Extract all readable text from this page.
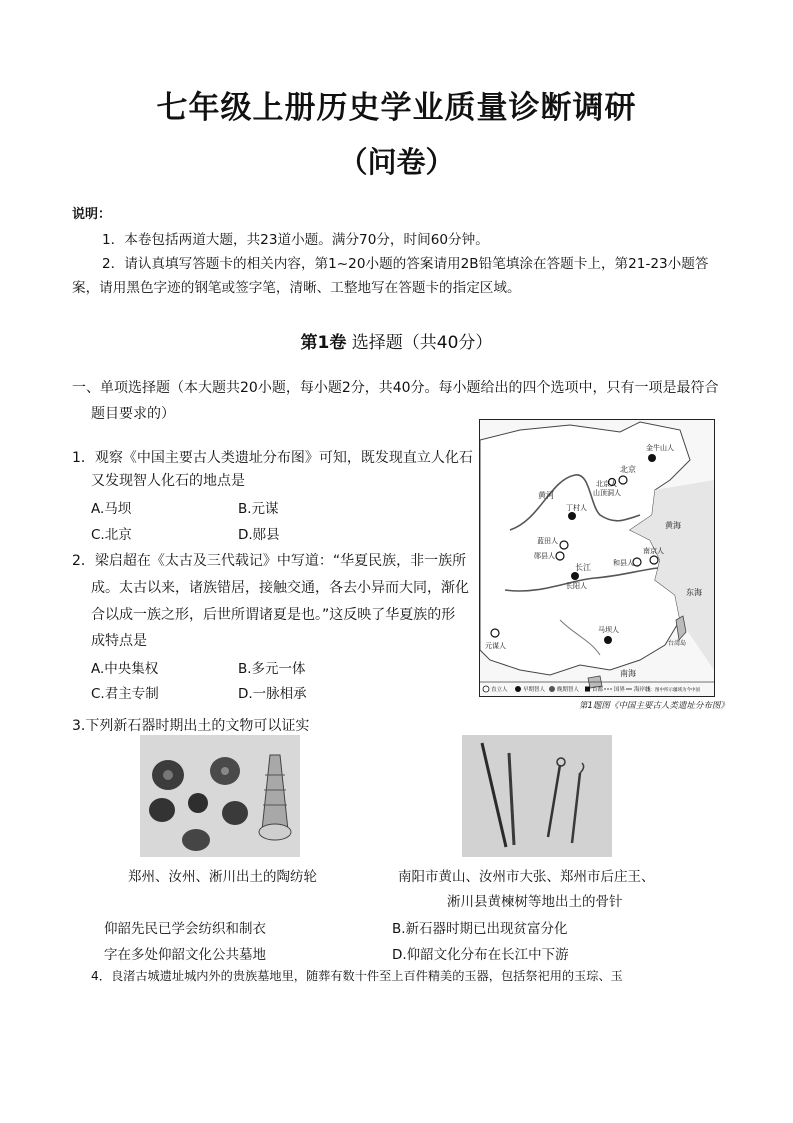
七年级上册历史学业质量诊断调研
（问卷）
说明：
1．本卷包括两道大题，共23道小题。满分70分，时间60分钟。
2．请认真填写答题卡的相关内容，第1~20小题的答案请用2B铅笔填涂在答题卡上，第21-23小题答
案，请用黑色字迹的钢笔或签字笔，清晰、工整地写在答题卡的指定区域。
第1卷 选择题（共40分）
一、单项选择题（本大题共20小题，每小题2分，共40分。每小题给出的四个选项中，只有一项是最符合
题目要求的）
1．观察《中国主要古人类遗址分布图》可知，既发现直立人化石
又发现智人化石的地点是
A.马坝	B.元谋
C.北京	D.郧县
2．梁启超在《太古及三代载记》中写道：“华夏民族，非一族所
成。太古以来，诸族错居，接触交通，各去小异而大同，渐化
合以成一族之形，后世所谓诸夏是也。”这反映了华夏族的形
成特点是
A.中央集权	B.多元一体
C.君主专制	D.一脉相承
北京
金牛山人
北京人
山顶洞人
丁村人
蓝田人
郧县人
和县人
南京人
长阳人
马坝人
元谋人
黄河
长江
黄海
东海
南海
台湾岛
直立人	早期智人 晚期智人 首都 国界 海岸线
注：图中所示疆域为今中国
第1题图《中国主要古人类遗址分布图》
3.下列新石器时期出土的文物可以证实
郑州、汝州、淅川出土的陶纺轮	南阳市黄山、汝州市大张、郑州市后庄王、
淅川县黄楝树等地出土的骨针
仰韶先民已学会纺织和制衣	B.新石器时期已出现贫富分化
字在多处仰韶文化公共墓地	D.仰韶文化分布在长江中下游
4．良渚古城遗址城内外的贵族墓地里，随葬有数十件至上百件精美的玉器，包括祭祀用的玉琮、玉
